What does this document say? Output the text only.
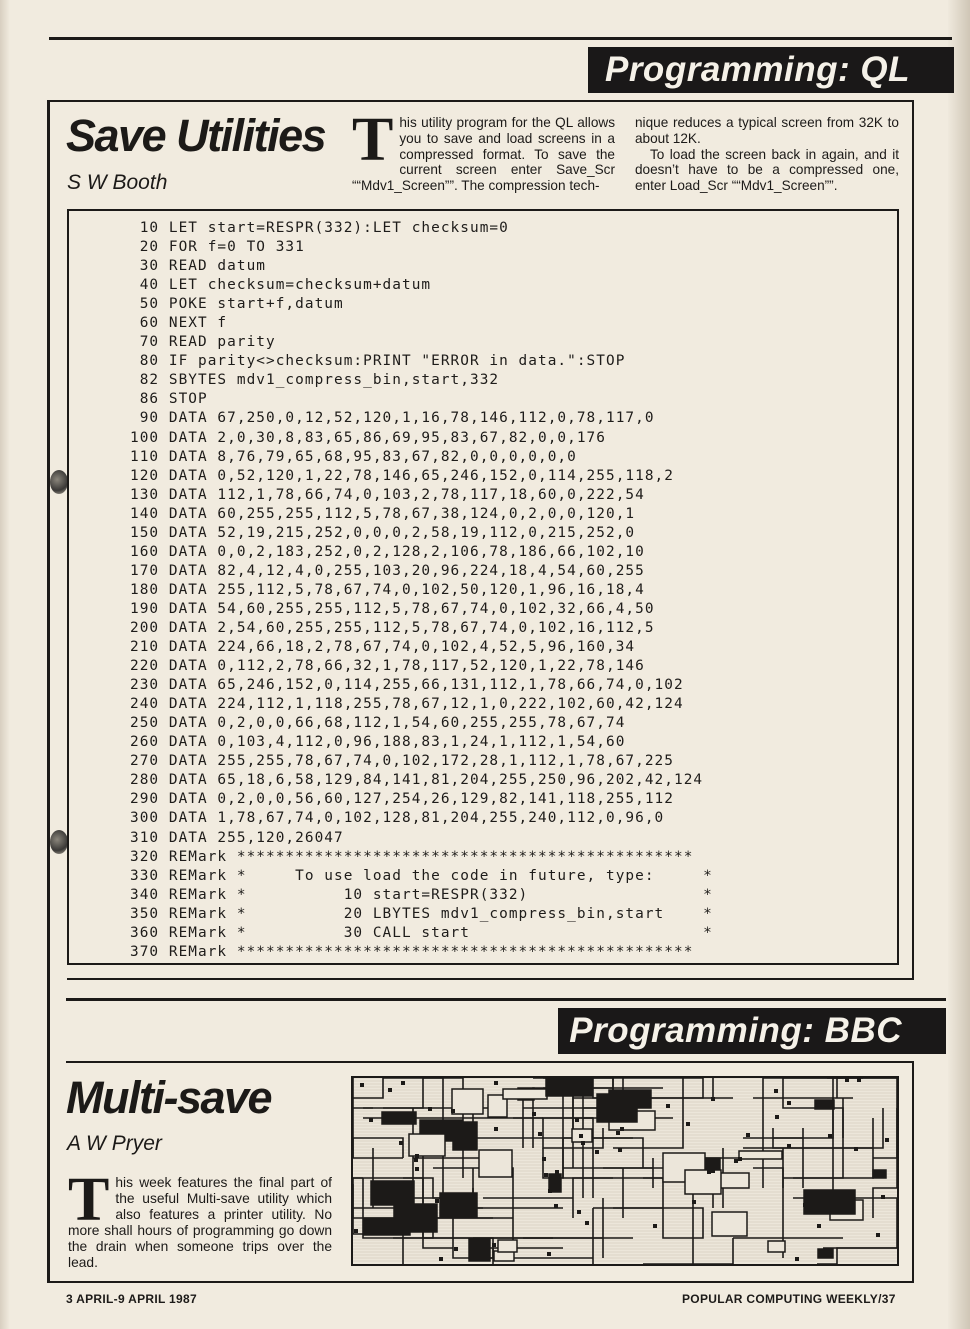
Programming: QL
Save Utilities
S W Booth
T his utility program for the QL allows you to save and load screens in a compressed format. To save the current screen enter Save_Scr ““Mdv1_Screen””. The compression tech-

nique reduces a typical screen from 32K to about 12K.

To load the screen back in again, and it doesn’t have to be a compressed one, enter Load_Scr ““Mdv1_Screen””.

10 LET start=RESPR(332):LET checksum=0
20 FOR f=0 TO 331
30 READ datum
40 LET checksum=checksum+datum
50 POKE start+f,datum
60 NEXT f
70 READ parity
80 IF parity<>checksum:PRINT "ERROR in data.":STOP
82 SBYTES mdv1_compress_bin,start,332
86 STOP
90 DATA 67,250,0,12,52,120,1,16,78,146,112,0,78,117,0
100 DATA 2,0,30,8,83,65,86,69,95,83,67,82,0,0,176
110 DATA 8,76,79,65,68,95,83,67,82,0,0,0,0,0,0
120 DATA 0,52,120,1,22,78,146,65,246,152,0,114,255,118,2
130 DATA 112,1,78,66,74,0,103,2,78,117,18,60,0,222,54
140 DATA 60,255,255,112,5,78,67,38,124,0,2,0,0,120,1
150 DATA 52,19,215,252,0,0,0,2,58,19,112,0,215,252,0
160 DATA 0,0,2,183,252,0,2,128,2,106,78,186,66,102,10
170 DATA 82,4,12,4,0,255,103,20,96,224,18,4,54,60,255
180 DATA 255,112,5,78,67,74,0,102,50,120,1,96,16,18,4
190 DATA 54,60,255,255,112,5,78,67,74,0,102,32,66,4,50
200 DATA 2,54,60,255,255,112,5,78,67,74,0,102,16,112,5
210 DATA 224,66,18,2,78,67,74,0,102,4,52,5,96,160,34
220 DATA 0,112,2,78,66,32,1,78,117,52,120,1,22,78,146
230 DATA 65,246,152,0,114,255,66,131,112,1,78,66,74,0,102
240 DATA 224,112,1,118,255,78,67,12,1,0,222,102,60,42,124
250 DATA 0,2,0,0,66,68,112,1,54,60,255,255,78,67,74
260 DATA 0,103,4,112,0,96,188,83,1,24,1,112,1,54,60
270 DATA 255,255,78,67,74,0,102,172,28,1,112,1,78,67,225
280 DATA 65,18,6,58,129,84,141,81,204,255,250,96,202,42,124
290 DATA 0,2,0,0,56,60,127,254,26,129,82,141,118,255,112
300 DATA 1,78,67,74,0,102,128,81,204,255,240,112,0,96,0
310 DATA 255,120,26047
320 REMark ***********************************************
330 REMark *     To use load the code in future, type:     *
340 REMark *          10 start=RESPR(332)                  *
350 REMark *          20 LBYTES mdv1_compress_bin,start    *
360 REMark *          30 CALL start                        *
370 REMark ***********************************************
Programming: BBC
Multi-save
A W Pryer
T his week features the final part of the useful Multi-save utility which also features a printer utility. No more shall hours of programming go down the drain when someone trips over the lead.

3 APRIL-9 APRIL 1987	POPULAR COMPUTING WEEKLY/37
